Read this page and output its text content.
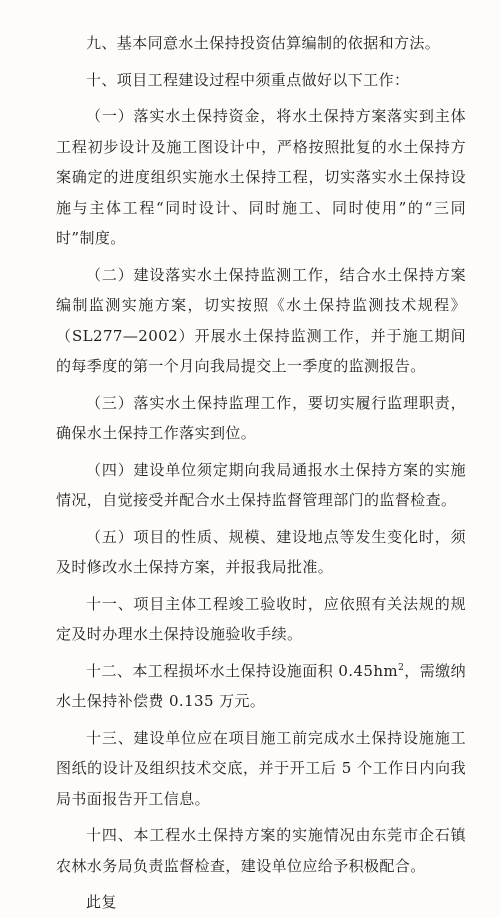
九、基本同意水土保持投资估算编制的依据和方法。

十、项目工程建设过程中须重点做好以下工作：

（一）落实水土保持资金，将水土保持方案落实到主体工程初步设计及施工图设计中，严格按照批复的水土保持方案确定的进度组织实施水土保持工程，切实落实水土保持设施与主体工程“同时设计、同时施工、同时使用”的“三同时”制度。

（二）建设落实水土保持监测工作，结合水土保持方案编制监测实施方案，切实按照《水土保持监测技术规程》（SL277—2002）开展水土保持监测工作，并于施工期间的每季度的第一个月向我局提交上一季度的监测报告。

（三）落实水土保持监理工作，要切实履行监理职责，确保水土保持工作落实到位。

（四）建设单位须定期向我局通报水土保持方案的实施情况，自觉接受并配合水土保持监督管理部门的监督检查。

（五）项目的性质、规模、建设地点等发生变化时，须及时修改水土保持方案，并报我局批准。

十一、项目主体工程竣工验收时，应依照有关法规的规定及时办理水土保持设施验收手续。

十二、本工程损坏水土保持设施面积 $0.45hm^2$，需缴纳水土保持补偿费 0.135 万元。

十三、建设单位应在项目施工前完成水土保持设施施工图纸的设计及组织技术交底，并于开工后 5 个工作日内向我局书面报告开工信息。

十四、本工程水土保持方案的实施情况由东莞市企石镇农林水务局负责监督检查，建设单位应给予积极配合。

此复
